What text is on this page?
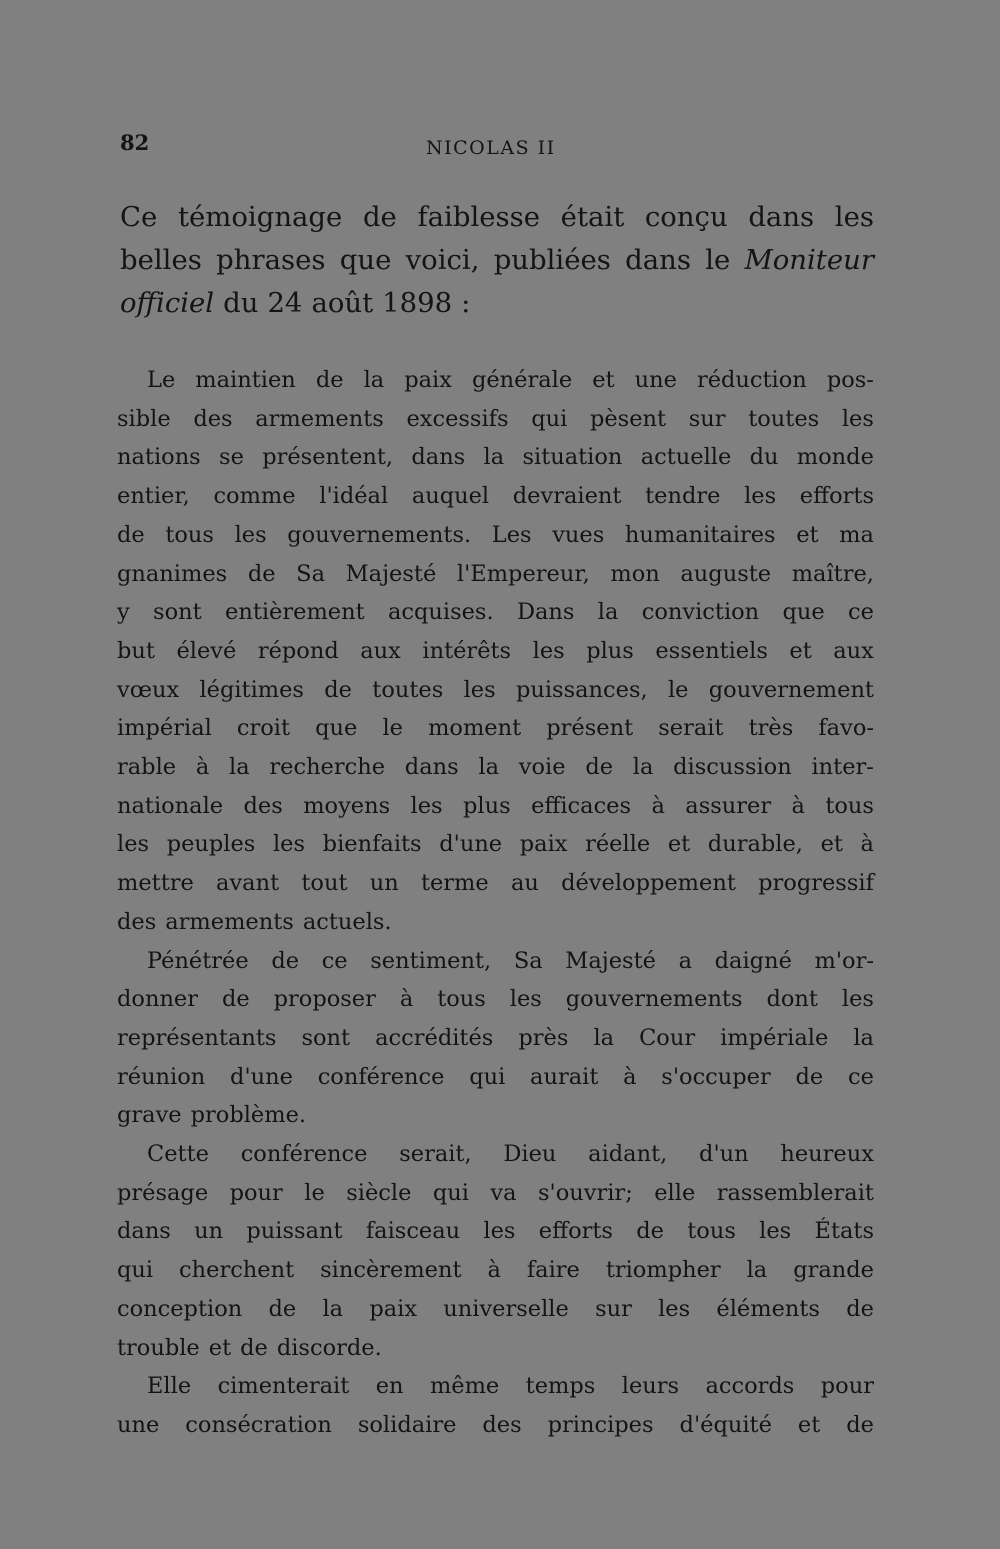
82	NICOLAS II
Ce témoignage de faiblesse était conçu dans les
belles phrases que voici, publiées dans le Moniteur
officiel du 24 août 1898 :
Le maintien de la paix générale et une réduction pos-
sible des armements excessifs qui pèsent sur toutes les
nations se présentent, dans la situation actuelle du monde
entier, comme l'idéal auquel devraient tendre les efforts
de tous les gouvernements. Les vues humanitaires et ma
gnanimes de Sa Majesté l'Empereur, mon auguste maître,
y sont entièrement acquises. Dans la conviction que ce
but élevé répond aux intérêts les plus essentiels et aux
vœux légitimes de toutes les puissances, le gouvernement
impérial croit que le moment présent serait très favo-
rable à la recherche dans la voie de la discussion inter-
nationale des moyens les plus efficaces à assurer à tous
les peuples les bienfaits d'une paix réelle et durable, et à
mettre avant tout un terme au développement progressif
des armements actuels.
Pénétrée de ce sentiment, Sa Majesté a daigné m'or-
donner de proposer à tous les gouvernements dont les
représentants sont accrédités près la Cour impériale la
réunion d'une conférence qui aurait à s'occuper de ce
grave problème.
Cette conférence serait, Dieu aidant, d'un heureux
présage pour le siècle qui va s'ouvrir; elle rassemblerait
dans un puissant faisceau les efforts de tous les États
qui cherchent sincèrement à faire triompher la grande
conception de la paix universelle sur les éléments de
trouble et de discorde.
Elle cimenterait en même temps leurs accords pour
une consécration solidaire des principes d'équité et de
